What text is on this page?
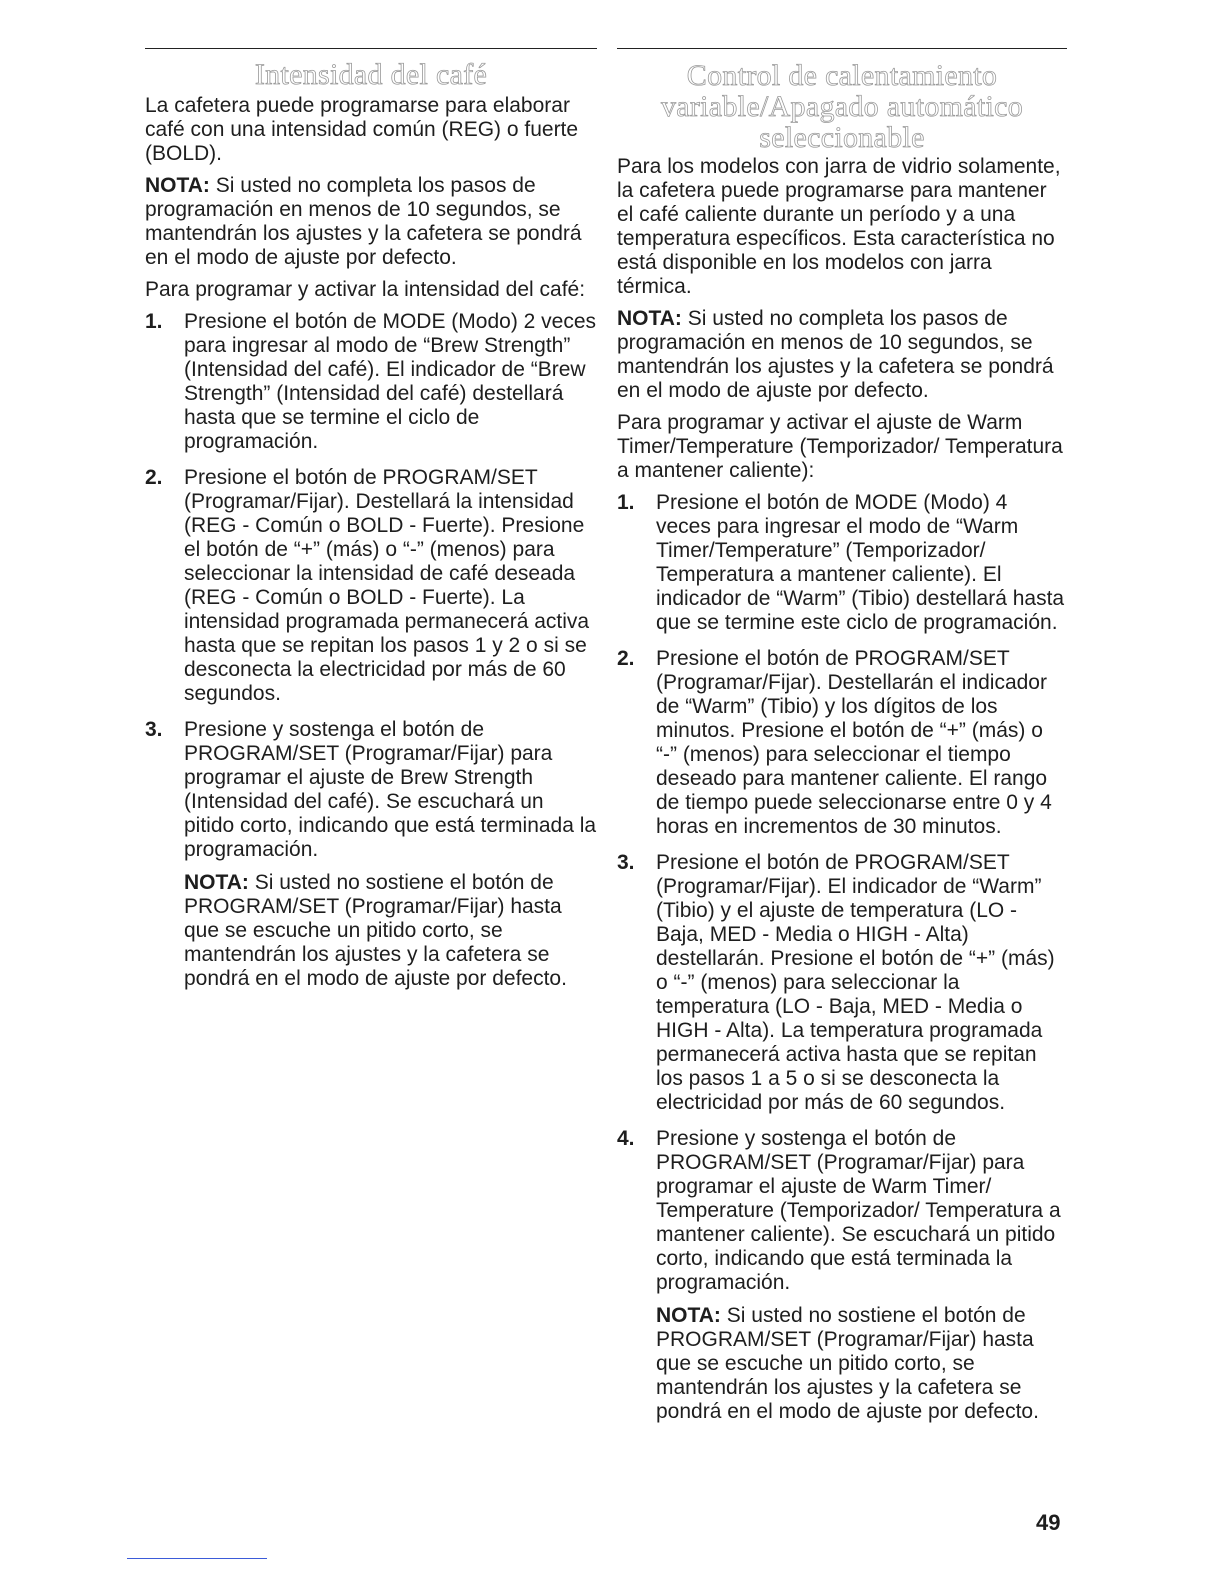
Intensidad del café

La cafetera puede programarse para elaborar café con una intensidad común (REG) o fuerte (BOLD).

NOTA: Si usted no completa los pasos de programación en menos de 10 segundos, se mantendrán los ajustes y la cafetera se pondrá en el modo de ajuste por defecto.

Para programar y activar la intensidad del café:

1. Presione el botón de MODE (Modo) 2 veces para ingresar al modo de “Brew Strength” (Intensidad del café). El indicador de “Brew Strength” (Intensidad del café) destellará hasta que se termine el ciclo de programación.
2. Presione el botón de PROGRAM/SET (Programar/Fijar). Destellará la intensidad (REG - Común o BOLD - Fuerte). Presione el botón de “+” (más) o “-” (menos) para seleccionar la intensidad de café deseada (REG - Común o BOLD - Fuerte). La intensidad programada permanecerá activa hasta que se repitan los pasos 1 y 2 o si se desconecta la electricidad por más de 60 segundos.
3. Presione y sostenga el botón de PROGRAM/SET (Programar/Fijar) para programar el ajuste de Brew Strength (Intensidad del café). Se escuchará un pitido corto, indicando que está terminada la programación.

NOTA: Si usted no sostiene el botón de PROGRAM/SET (Programar/Fijar) hasta que se escuche un pitido corto, se mantendrán los ajustes y la cafetera se pondrá en el modo de ajuste por defecto.

Control de calentamiento
variable/Apagado automático
seleccionable

Para los modelos con jarra de vidrio solamente, la cafetera puede programarse para mantener el café caliente durante un período y a una temperatura específicos. Esta característica no está disponible en los modelos con jarra térmica.

NOTA: Si usted no completa los pasos de programación en menos de 10 segundos, se mantendrán los ajustes y la cafetera se pondrá en el modo de ajuste por defecto.

Para programar y activar el ajuste de Warm Timer/Temperature (Temporizador/ Temperatura a mantener caliente):

1. Presione el botón de MODE (Modo) 4 veces para ingresar el modo de “Warm Timer/Temperature” (Temporizador/ Temperatura a mantener caliente). El indicador de “Warm” (Tibio) destellará hasta que se termine este ciclo de programación.
2. Presione el botón de PROGRAM/SET (Programar/Fijar). Destellarán el indicador de “Warm” (Tibio) y los dígitos de los minutos. Presione el botón de “+” (más) o “-” (menos) para seleccionar el tiempo deseado para mantener caliente. El rango de tiempo puede seleccionarse entre 0 y 4 horas en incrementos de 30 minutos.
3. Presione el botón de PROGRAM/SET (Programar/Fijar). El indicador de “Warm” (Tibio) y el ajuste de temperatura (LO - Baja, MED - Media o HIGH - Alta) destellarán. Presione el botón de “+” (más) o “-” (menos) para seleccionar la temperatura (LO - Baja, MED - Media o HIGH - Alta). La temperatura programada permanecerá activa hasta que se repitan los pasos 1 a 5 o si se desconecta la electricidad por más de 60 segundos.
4. Presione y sostenga el botón de PROGRAM/SET (Programar/Fijar) para programar el ajuste de Warm Timer/ Temperature (Temporizador/ Temperatura a mantener caliente). Se escuchará un pitido corto, indicando que está terminada la programación.

NOTA: Si usted no sostiene el botón de PROGRAM/SET (Programar/Fijar) hasta que se escuche un pitido corto, se mantendrán los ajustes y la cafetera se pondrá en el modo de ajuste por defecto.

49
